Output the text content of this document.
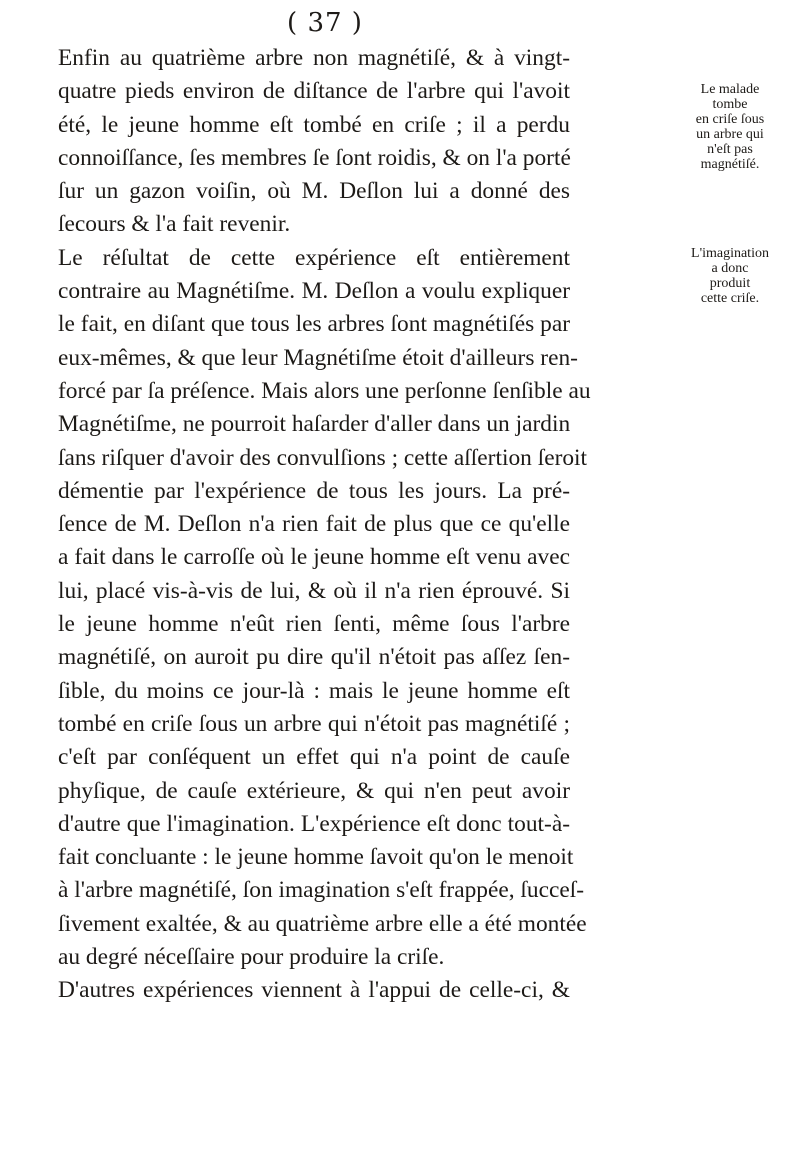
( 37 )
Enfin au quatrième arbre non magnétiſé, & à vingt-
quatre pieds environ de diſtance de l'arbre qui l'avoit
été, le jeune homme eſt tombé en criſe ; il a perdu
connoiſſance, ſes membres ſe ſont roidis, & on l'a porté
ſur un gazon voiſin, où M. Deſlon lui a donné des
ſecours & l'a fait revenir.
Le réſultat de cette expérience eſt entièrement
contraire au Magnétiſme. M. Deſlon a voulu expliquer
le fait, en diſant que tous les arbres ſont magnétiſés par
eux-mêmes, & que leur Magnétiſme étoit d'ailleurs ren-
forcé par ſa préſence. Mais alors une perſonne ſenſible au
Magnétiſme, ne pourroit haſarder d'aller dans un jardin
ſans riſquer d'avoir des convulſions ; cette aſſertion ſeroit
démentie par l'expérience de tous les jours. La pré-
ſence de M. Deſlon n'a rien fait de plus que ce qu'elle
a fait dans le carroſſe où le jeune homme eſt venu avec
lui, placé vis-à-vis de lui, & où il n'a rien éprouvé. Si
le jeune homme n'eût rien ſenti, même ſous l'arbre
magnétiſé, on auroit pu dire qu'il n'étoit pas aſſez ſen-
ſible, du moins ce jour-là : mais le jeune homme eſt
tombé en criſe ſous un arbre qui n'étoit pas magnétiſé ;
c'eſt par conſéquent un effet qui n'a point de cauſe
phyſique, de cauſe extérieure, & qui n'en peut avoir
d'autre que l'imagination. L'expérience eſt donc tout-à-
fait concluante : le jeune homme ſavoit qu'on le menoit
à l'arbre magnétiſé, ſon imagination s'eſt frappée, ſucceſ-
ſivement exaltée, & au quatrième arbre elle a été montée
au degré néceſſaire pour produire la criſe.
D'autres expériences viennent à l'appui de celle-ci, &
Le malade
tombe
en criſe ſous
un arbre qui
n'eſt pas
magnétiſé.
L'imagination
a donc
produit
cette criſe.
